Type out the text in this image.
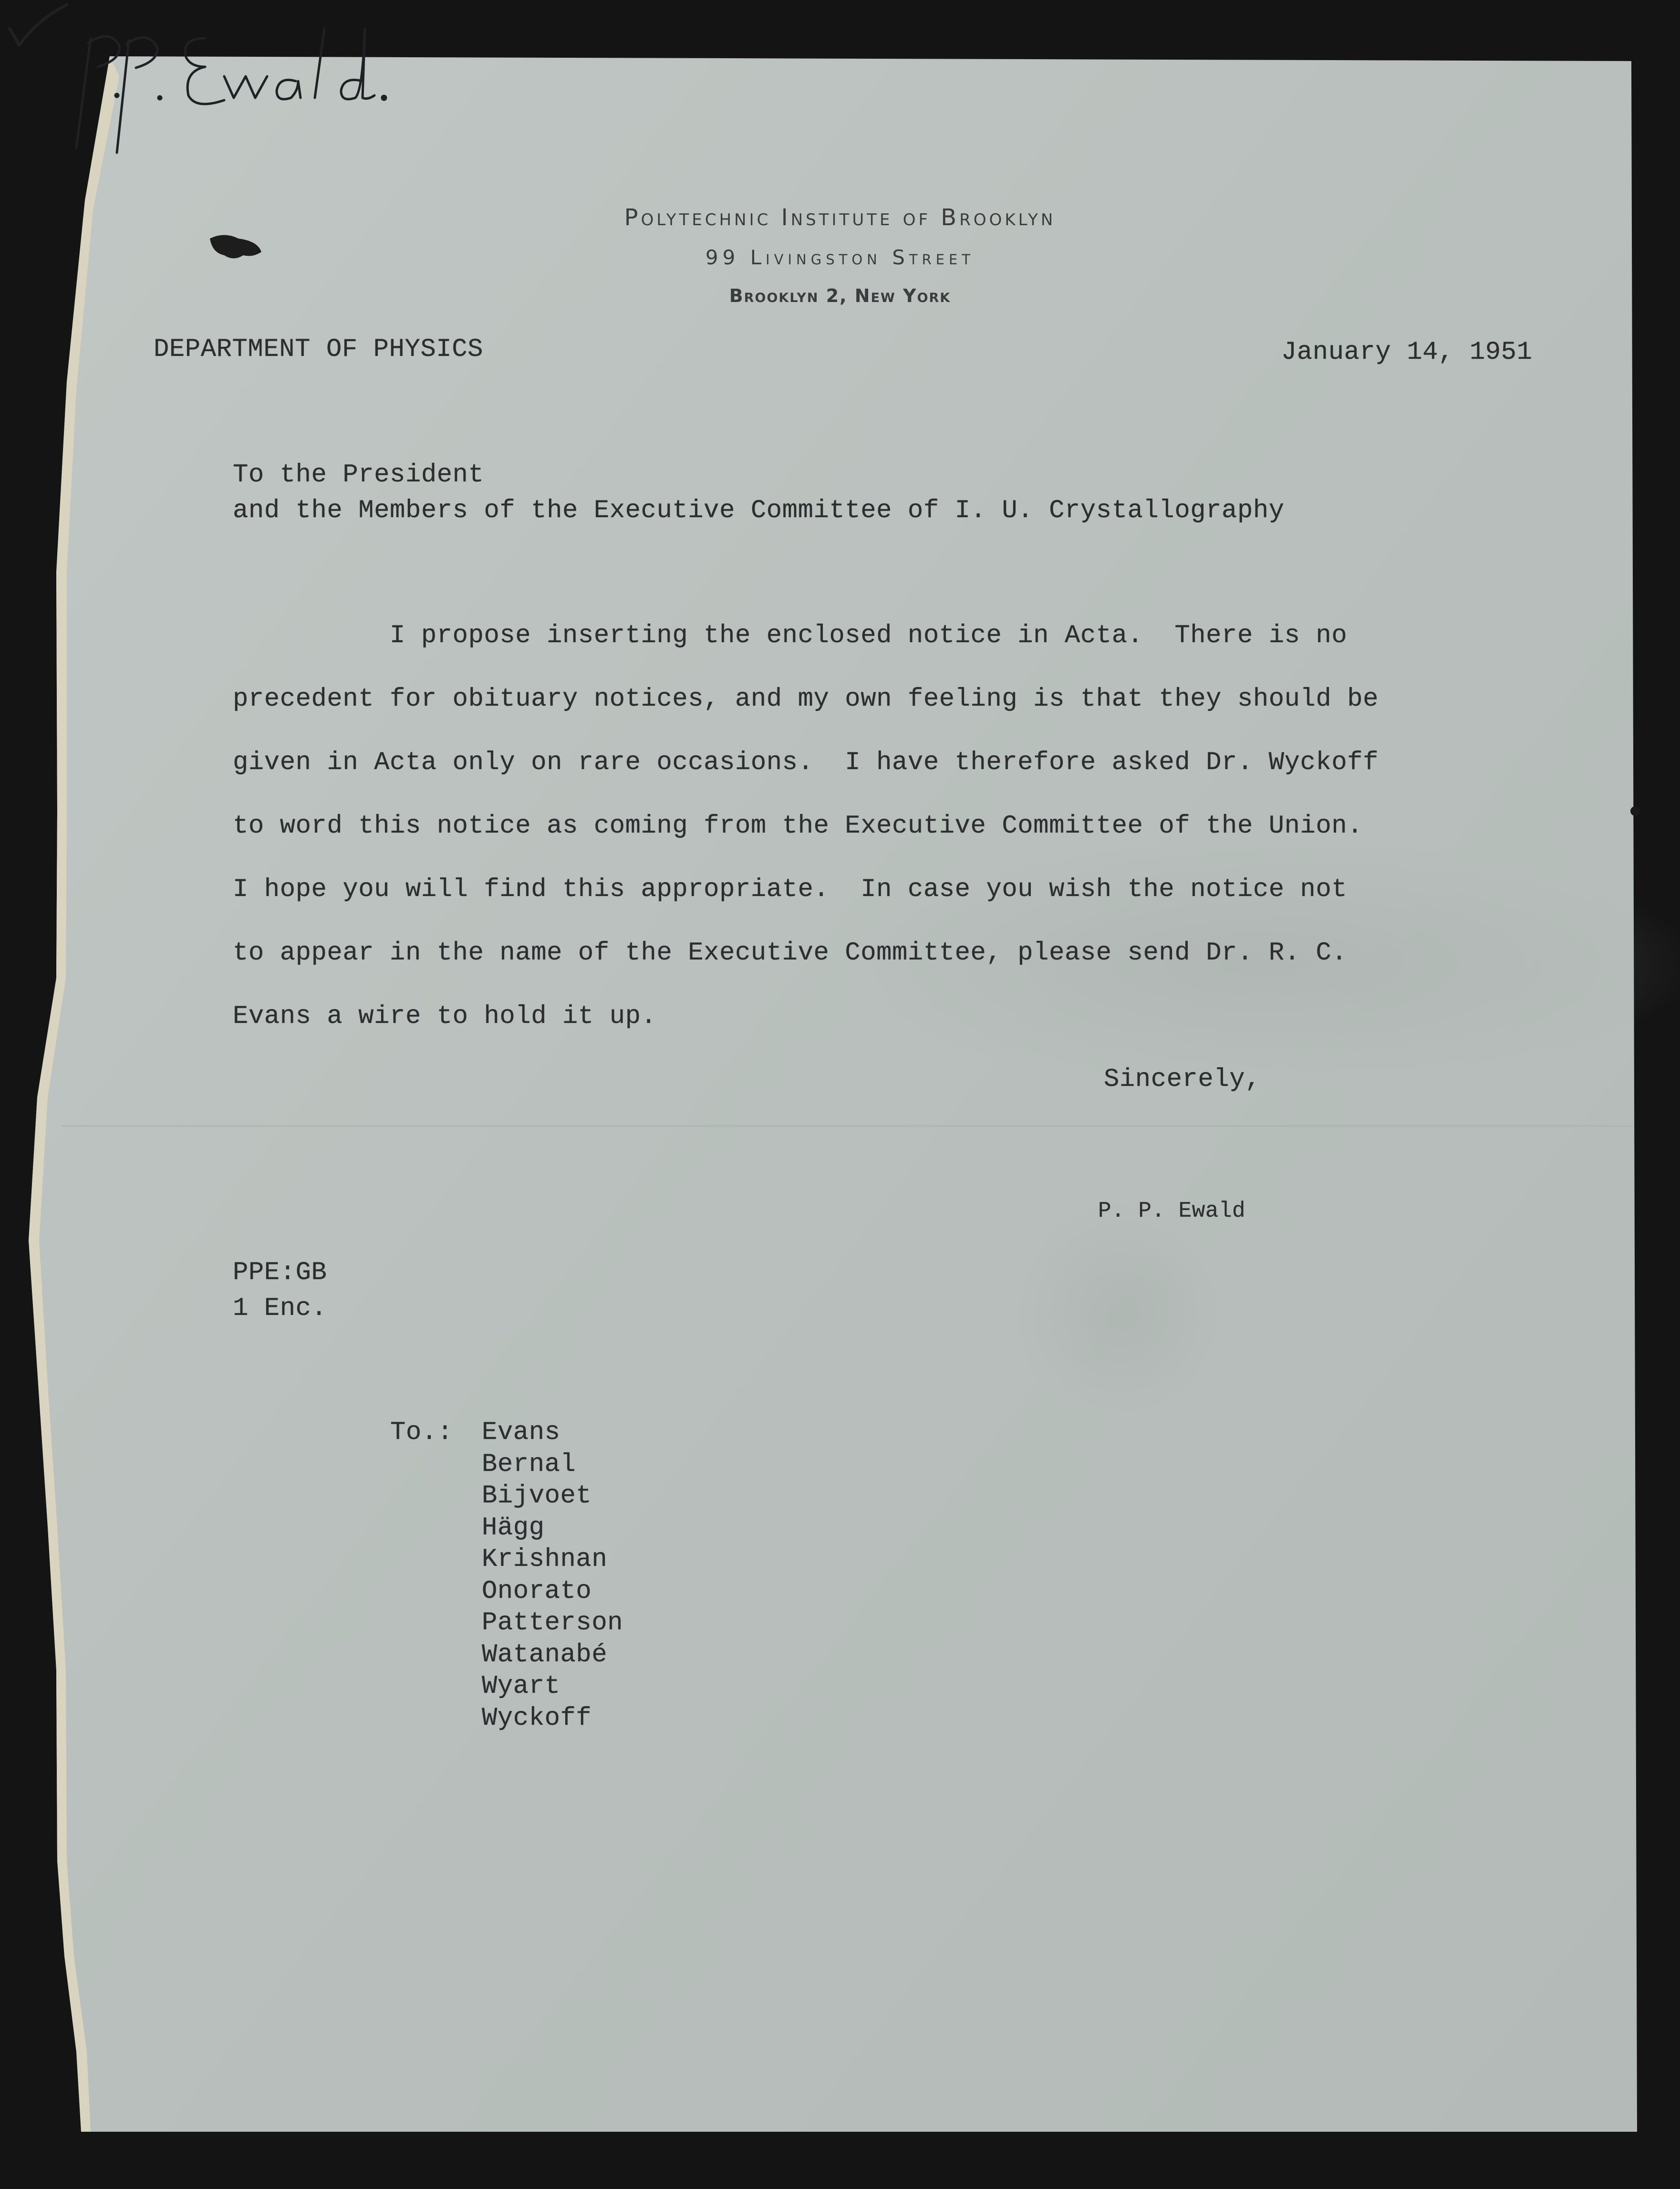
Polytechnic Institute of Brooklyn
99 Livingston Street
Brooklyn 2, New York
DEPARTMENT OF PHYSICS	January 14, 1951
To the President
and the Members of the Executive Committee of I. U. Crystallography
I propose inserting the enclosed notice in Acta.  There is no
precedent for obituary notices, and my own feeling is that they should be
given in Acta only on rare occasions.  I have therefore asked Dr. Wyckoff
to word this notice as coming from the Executive Committee of the Union.
I hope you will find this appropriate.  In case you wish the notice not
to appear in the name of the Executive Committee, please send Dr. R. C.
Evans a wire to hold it up.
Sincerely,
P. P. Ewald
PPE:GB
1 Enc.
To.: Evans
Bernal
Bijvoet
Hägg
Krishnan
Onorato
Patterson
Watanabé
Wyart
Wyckoff
